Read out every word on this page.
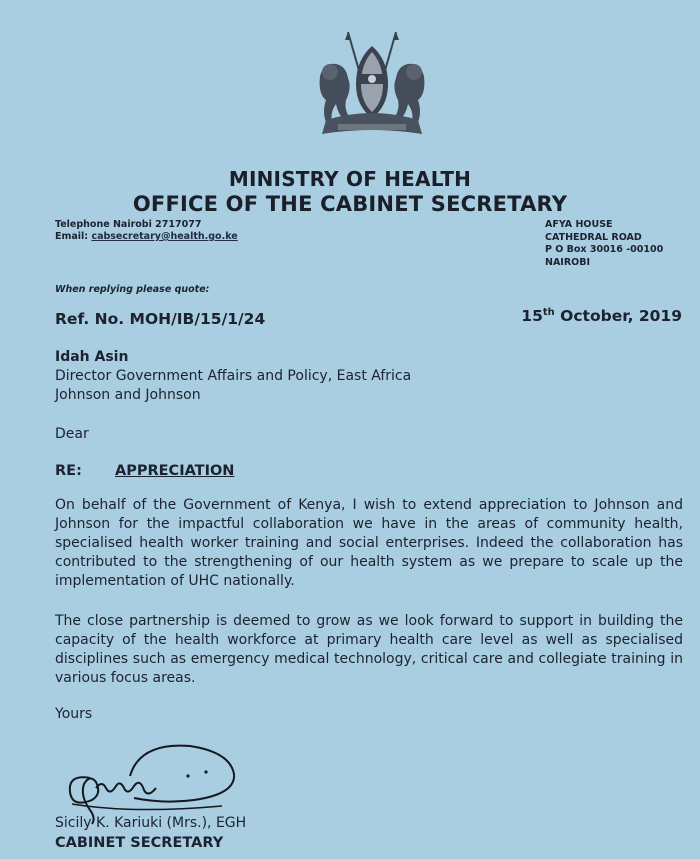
MINISTRY OF HEALTH
OFFICE OF THE CABINET SECRETARY
Telephone Nairobi 2717077
Email: cabsecretary@health.go.ke
AFYA HOUSE
CATHEDRAL ROAD
P O Box 30016 -00100
NAIROBI
When replying please quote:
Ref. No. MOH/IB/15/1/24	15th October, 2019
Idah Asin
Director Government Affairs and Policy, East Africa
Johnson and Johnson
Dear
RE: APPRECIATION
On behalf of the Government of Kenya, I wish to extend appreciation to Johnson and Johnson for the impactful collaboration we have in the areas of community health, specialised health worker training and social enterprises. Indeed the collaboration has contributed to the strengthening of our health system as we prepare to scale up the implementation of UHC nationally.
The close partnership is deemed to grow as we look forward to support in building the capacity of the health workforce at primary health care level as well as specialised disciplines such as emergency medical technology, critical care and collegiate training in various focus areas.
Yours
Sicily K. Kariuki (Mrs.), EGH
CABINET SECRETARY
